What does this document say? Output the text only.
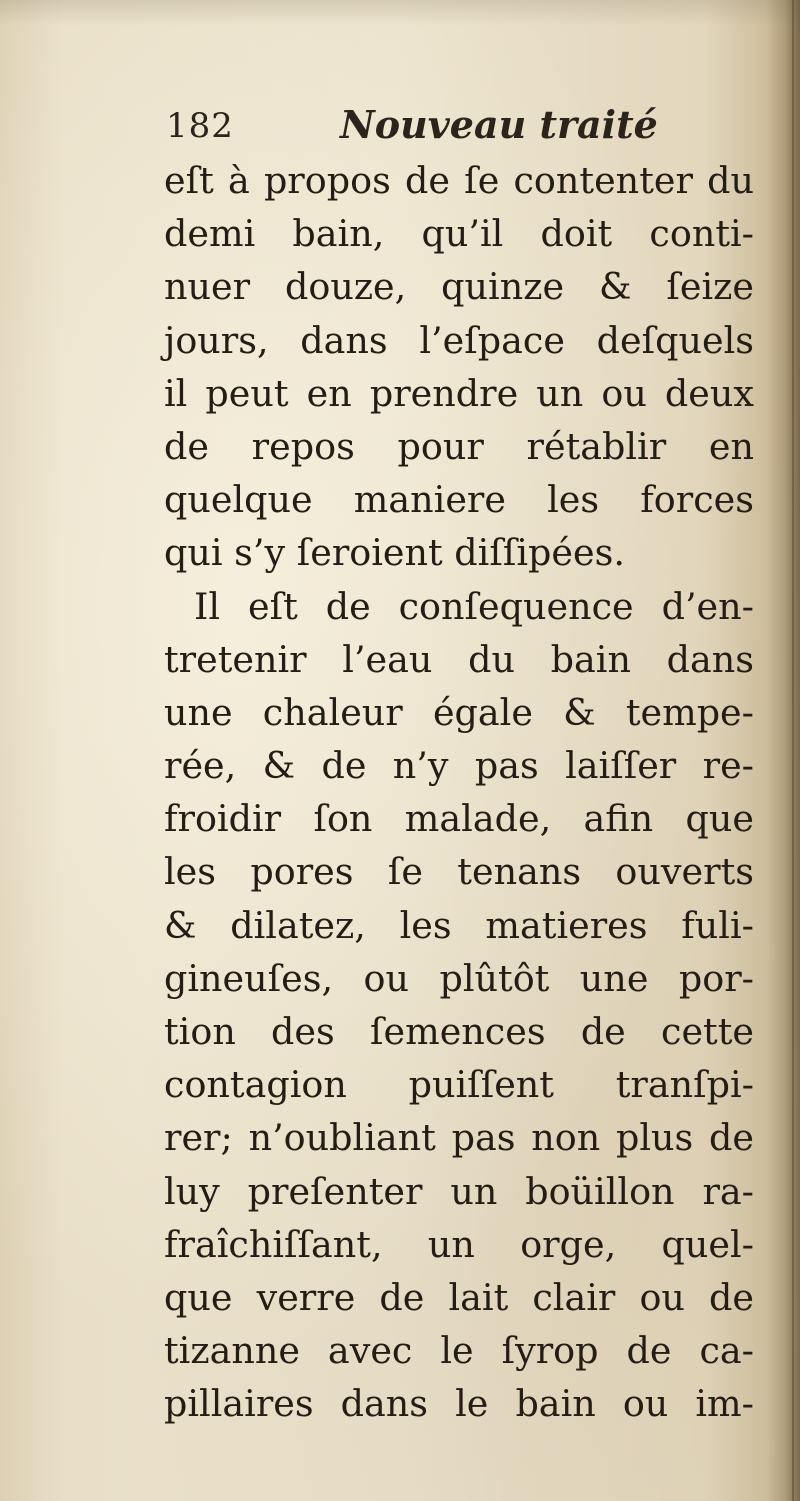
182	Nouveau traité
eſt à propos de ſe contenter du
demi bain, qu’il doit conti-
nuer douze, quinze & ſeize
jours, dans l’eſpace deſquels
il peut en prendre un ou deux
de repos pour rétablir en
quelque maniere les forces
qui s’y ſeroient diſſipées.
Il eſt de conſequence d’en-
tretenir l’eau du bain dans
une chaleur égale & tempe-
rée, & de n’y pas laiſſer re-
froidir ſon malade, afin que
les pores ſe tenans ouverts
& dilatez, les matieres fuli-
gineuſes, ou plûtôt une por-
tion des ſemences de cette
contagion puiſſent tranſpi-
rer; n’oubliant pas non plus de
luy preſenter un boüillon ra-
fraîchiſſant, un orge, quel-
que verre de lait clair ou de
tizanne avec le ſyrop de ca-
pillaires dans le bain ou im-
